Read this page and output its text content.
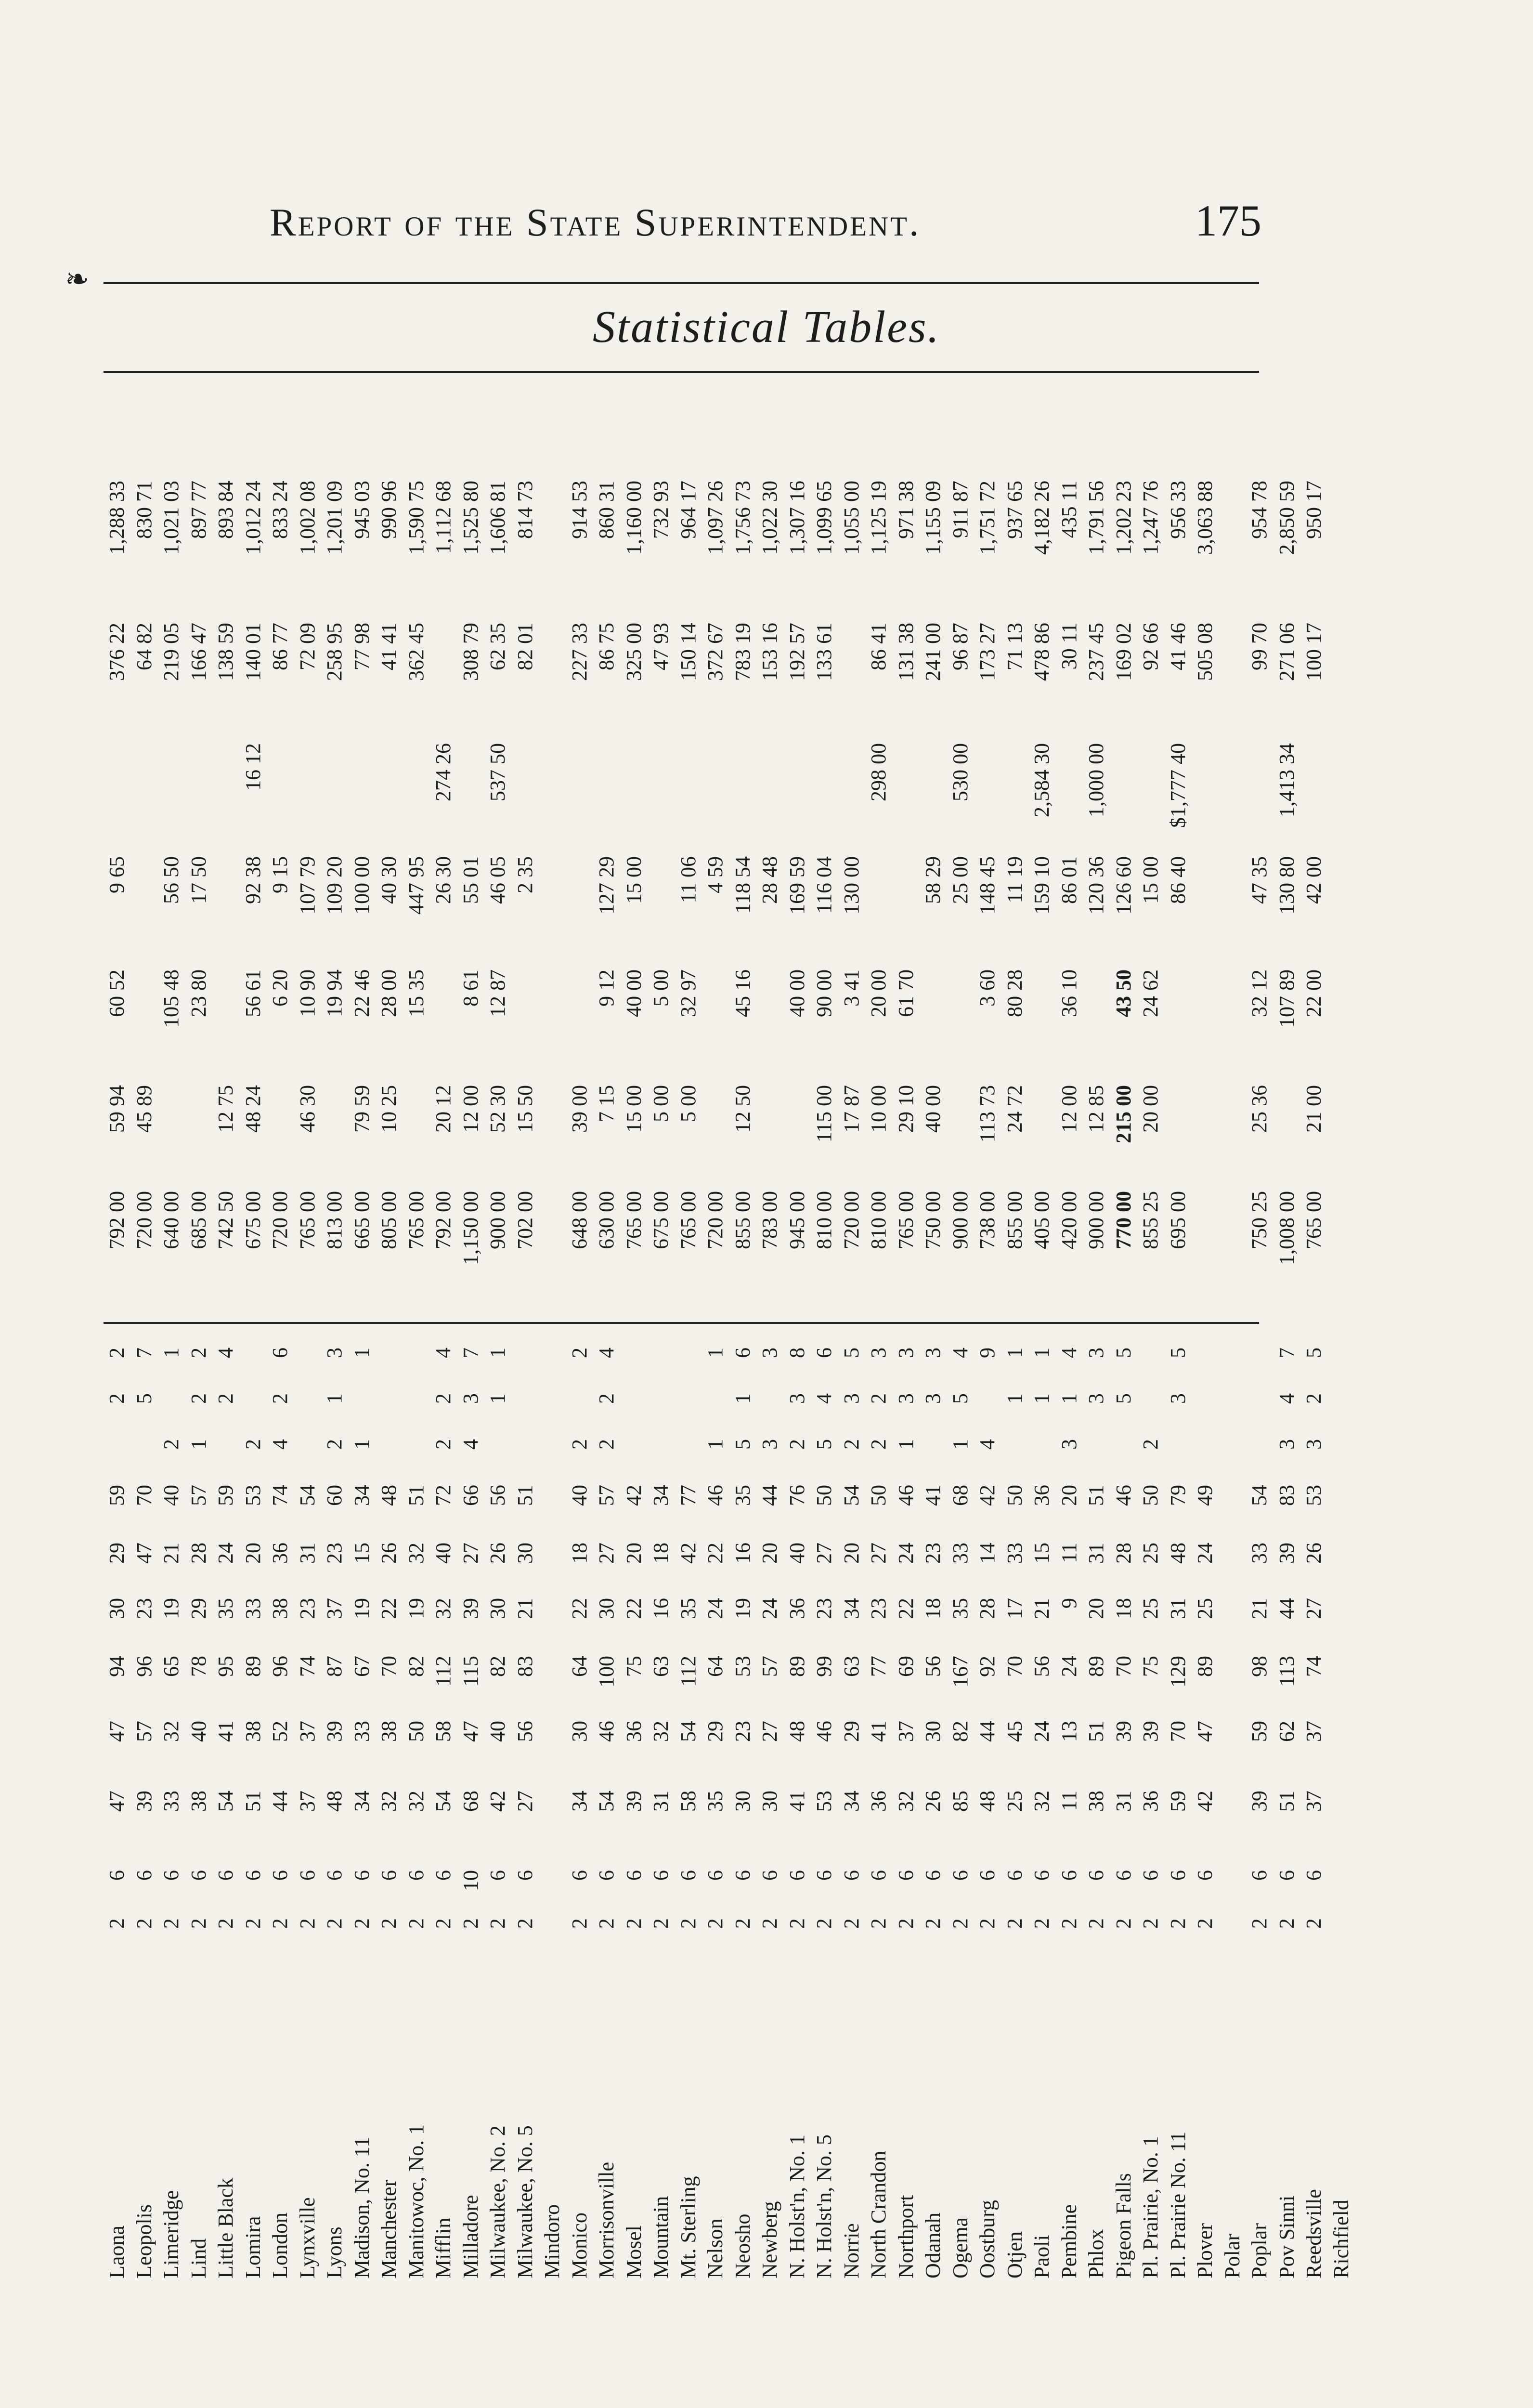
Report of the State Superintendent.	175
❧
Statistical Tables.
Laona
2
6
47
47
94
30
29
59
2
2
792 00
59 94
60 52
9 65
376 22
1,288 33
Leopolis
2
6
39
57
96
23
47
70
5
7
720 00
45 89
64 82
830 71
Limeridge
2
6
33
32
65
19
21
40
2
1
640 00
105 48
56 50
219 05
1,021 03
Lind
2
6
38
40
78
29
28
57
1
2
2
685 00
23 80
17 50
166 47
897 77
Little Black
2
6
54
41
95
35
24
59
2
4
742 50
12 75
138 59
893 84
Lomira
2
6
51
38
89
33
20
53
2
675 00
48 24
56 61
92 38
16 12
140 01
1,012 24
London
2
6
44
52
96
38
36
74
4
2
6
720 00
6 20
9 15
86 77
833 24
Lynxville
2
6
37
37
74
23
31
54
765 00
46 30
10 90
107 79
72 09
1,002 08
Lyons
2
6
48
39
87
37
23
60
2
1
3
813 00
19 94
109 20
258 95
1,201 09
Madison, No. 11
2
6
34
33
67
19
15
34
1
1
665 00
79 59
22 46
100 00
77 98
945 03
Manchester
2
6
32
38
70
22
26
48
805 00
10 25
28 00
40 30
41 41
990 96
Manitowoc, No. 1
2
6
32
50
82
19
32
51
765 00
15 35
447 95
362 45
1,590 75
Mifflin
2
6
54
58
112
32
40
72
2
2
4
792 00
20 12
26 30
274 26
1,112 68
Milladore
2
10
68
47
115
39
27
66
4
3
7
1,150 00
12 00
8 61
55 01
308 79
1,525 80
Milwaukee, No. 2
2
6
42
40
82
30
26
56
1
1
900 00
52 30
12 87
46 05
537 50
62 35
1,606 81
Milwaukee, No. 5
2
6
27
56
83
21
30
51
702 00
15 50
2 35
82 01
814 73
Mindoro Monico
2
6
34
30
64
22
18
40
2
2
648 00
39 00
227 33
914 53
Morrisonville
2
6
54
46
100
30
27
57
2
2
4
630 00
7 15
9 12
127 29
86 75
860 31
Mosel
2
6
39
36
75
22
20
42
765 00
15 00
40 00
15 00
325 00
1,160 00
Mountain
2
6
31
32
63
16
18
34
675 00
5 00
5 00
47 93
732 93
Mt. Sterling
2
6
58
54
112
35
42
77
765 00
5 00
32 97
11 06
150 14
964 17
Nelson
2
6
35
29
64
24
22
46
1
1
720 00
4 59
372 67
1,097 26
Neosho
2
6
30
23
53
19
16
35
5
1
6
855 00
12 50
45 16
118 54
783 19
1,756 73
Newberg
2
6
30
27
57
24
20
44
3
3
783 00
28 48
153 16
1,022 30
N. Holst'n, No. 1
2
6
41
48
89
36
40
76
2
3
8
945 00
40 00
169 59
192 57
1,307 16
N. Holst'n, No. 5
2
6
53
46
99
23
27
50
5
4
6
810 00
115 00
90 00
116 04
133 61
1,099 65
Norrie
2
6
34
29
63
34
20
54
2
3
5
720 00
17 87
3 41
130 00
1,055 00
North Crandon
2
6
36
41
77
23
27
50
2
2
3
810 00
10 00
20 00
298 00
86 41
1,125 19
Northport
2
6
32
37
69
22
24
46
1
3
3
765 00
29 10
61 70
131 38
971 38
Odanah
2
6
26
30
56
18
23
41
3
3
750 00
40 00
58 29
241 00
1,155 09
Ogema
2
6
85
82
167
35
33
68
1
5
4
900 00
25 00
530 00
96 87
911 87
Oostburg
2
6
48
44
92
28
14
42
4
9
738 00
113 73
3 60
148 45
173 27
1,751 72
Otjen
2
6
25
45
70
17
33
50
1
1
855 00
24 72
80 28
11 19
71 13
937 65
Paoli
2
6
32
24
56
21
15
36
1
1
405 00
159 10
2,584 30
478 86
4,182 26
Pembine
2
6
11
13
24
9
11
20
3
1
4
420 00
12 00
36 10
86 01
30 11
435 11
Phlox
2
6
38
51
89
20
31
51
3
3
900 00
12 85
120 36
1,000 00
237 45
1,791 56
Pigeon Falls
2
6
31
39
70
18
28
46
5
5
770 00
215 00
43 50
126 60
169 02
1,202 23
Pl. Prairie, No. 1
2
6
36
39
75
25
25
50
2
855 25
20 00
24 62
15 00
92 66
1,247 76
Pl. Prairie No. 11
2
6
59
70
129
31
48
79
3
5
695 00
86 40
$1,777 40
41 46
956 33
Plover
2
6
42
47
89
25
24
49
505 08
3,063 88
Polar Poplar
2
6
39
59
98
21
33
54
750 25
25 36
32 12
47 35
99 70
954 78
Pov Sinni
2
6
51
62
113
44
39
83
3
4
7
1,008 00
107 89
130 80
1,413 34
271 06
2,850 59
Reedsville
2
6
37
37
74
27
26
53
3
2
5
765 00
21 00
22 00
42 00
100 17
950 17
Richfield
